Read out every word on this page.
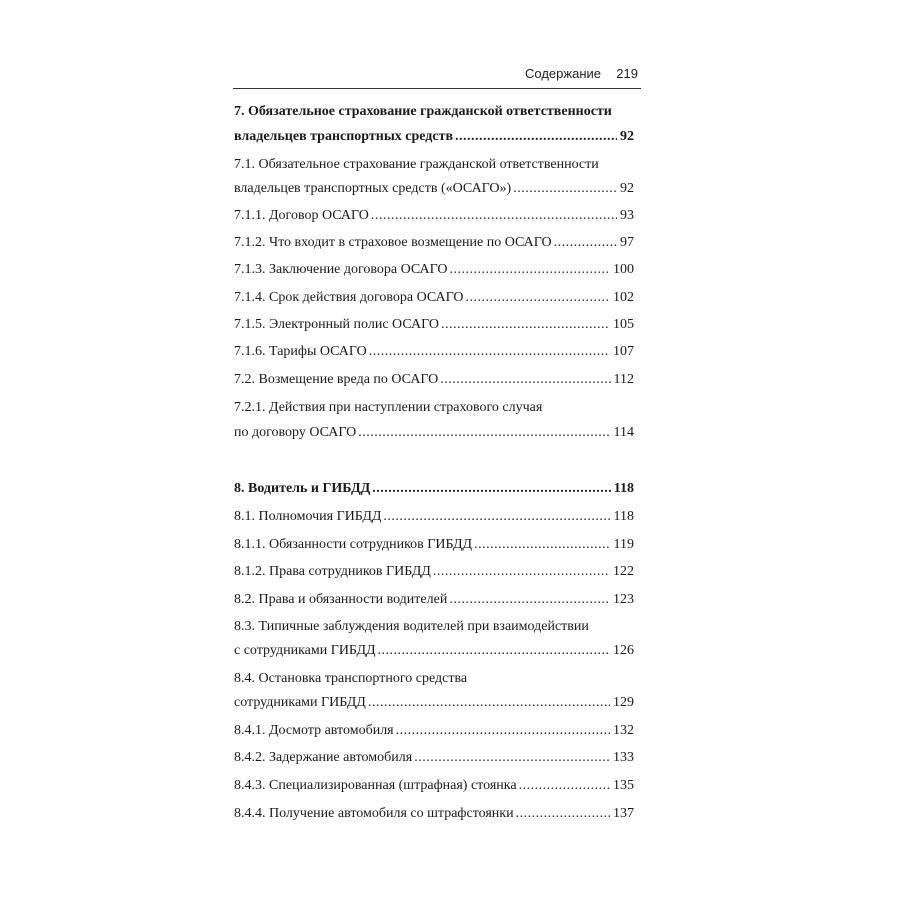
Содержание 219
7. Обязательное страхование гражданской ответственности
владельцев транспортных средств .....	92
7.1. Обязательное страхование гражданской ответственности
владельцев транспортных средств («ОСАГО») .....	92
7.1.1. Договор ОСАГО .....	93
7.1.2. Что входит в страховое возмещение по ОСАГО .....	97
7.1.3. Заключение договора ОСАГО .....	100
7.1.4. Срок действия договора ОСАГО .....	102
7.1.5. Электронный полис ОСАГО .....	105
7.1.6. Тарифы ОСАГО .....	107
7.2. Возмещение вреда по ОСАГО .....	112
7.2.1. Действия при наступлении страхового случая
по договору ОСАГО .....	114
8. Водитель и ГИБДД .....	118
8.1. Полномочия ГИБДД .....	118
8.1.1. Обязанности сотрудников ГИБДД .....	119
8.1.2. Права сотрудников ГИБДД .....	122
8.2. Права и обязанности водителей .....	123
8.3. Типичные заблуждения водителей при взаимодействии
с сотрудниками ГИБДД .....	126
8.4. Остановка транспортного средства
сотрудниками ГИБДД .....	129
8.4.1. Досмотр автомобиля .....	132
8.4.2. Задержание автомобиля .....	133
8.4.3. Специализированная (штрафная) стоянка .....	135
8.4.4. Получение автомобиля со штрафстоянки .....	137
